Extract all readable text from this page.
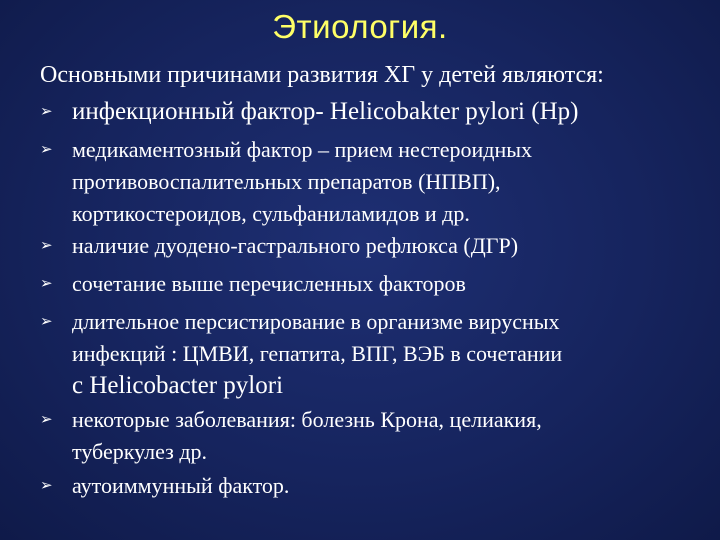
Этиология.
Основными причинами развития ХГ у детей являются:
➢ инфекционный фактор- Helicobakter pylori (Hp)
➢ медикаментозный фактор – прием нестероидных
противовоспалительных препаратов (НПВП),
кортикостероидов, сульфаниламидов и др.
➢ наличие дуодено-гастрального рефлюкса (ДГР)
➢ сочетание выше перечисленных факторов
➢ длительное персистирование в организме вирусных
инфекций : ЦМВИ, гепатита, ВПГ, ВЭБ в сочетании
с Helicobacter pylori
➢ некоторые заболевания: болезнь Крона, целиакия,
туберкулез др.
➢ аутоиммунный фактор.
